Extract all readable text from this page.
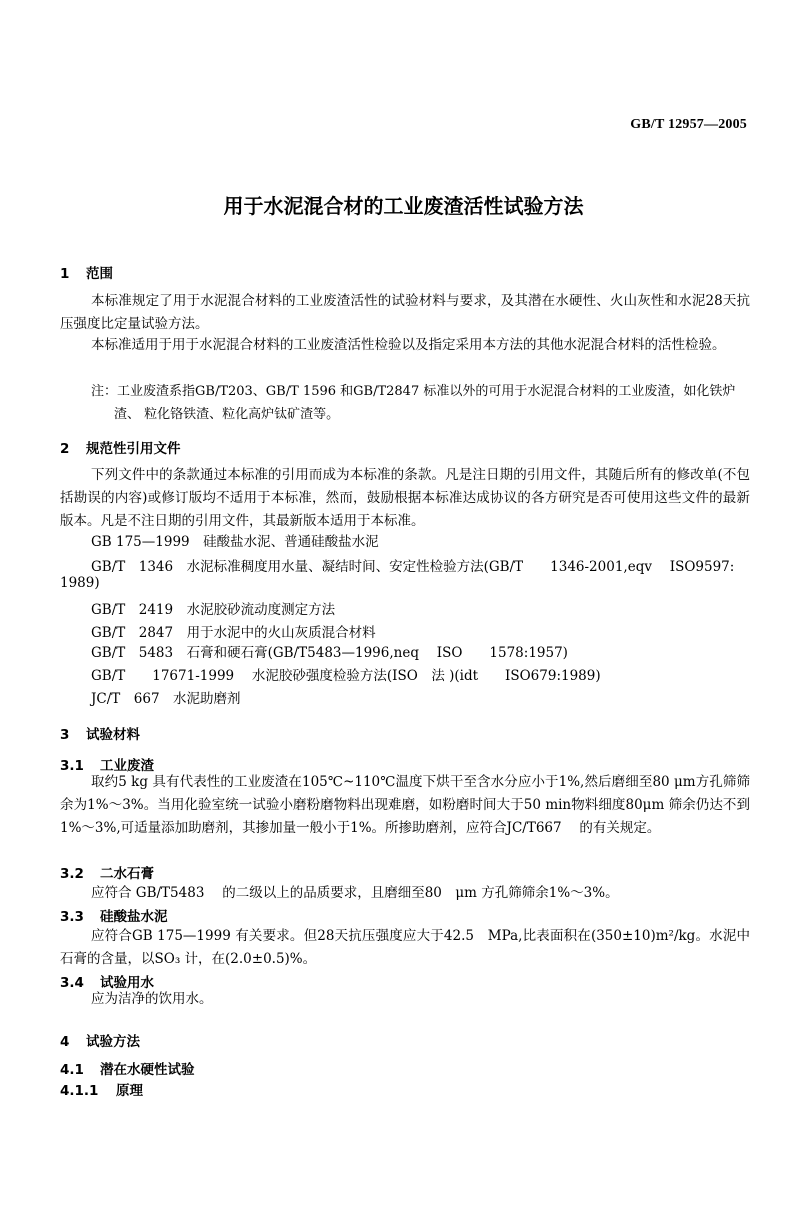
GB/T 12957—2005
用于水泥混合材的工业废渣活性试验方法
1 范围
本标准规定了用于水泥混合材料的工业废渣活性的试验材料与要求，及其潜在水硬性、火山灰性和水泥28天抗压强度比定量试验方法。
本标准适用于用于水泥混合材料的工业废渣活性检验以及指定采用本方法的其他水泥混合材料的活性检验。
注：工业废渣系指GB/T203、GB/T 1596 和GB/T2847 标准以外的可用于水泥混合材料的工业废渣，如化铁炉
渣、 粒化铬铁渣、粒化高炉钛矿渣等。
2 规范性引用文件
下列文件中的条款通过本标准的引用而成为本标准的条款。凡是注日期的引用文件，其随后所有的修改单(不包括勘误的内容)或修订版均不适用于本标准，然而，鼓励根据本标准达成协议的各方研究是否可使用这些文件的最新版本。凡是不注日期的引用文件，其最新版本适用于本标准。
GB 175—1999　硅酸盐水泥、普通硅酸盐水泥
GB/T　1346　水泥标准稠度用水量、凝结时间、安定性检验方法(GB/T　　1346-2001,eqv　 ISO9597:
1989)
GB/T　2419　水泥胶砂流动度测定方法
GB/T　2847　用于水泥中的火山灰质混合材料
GB/T　5483　石膏和硬石膏(GB/T5483—1996,neq　 ISO　　1578:1957)
GB/T　　17671-1999　 水泥胶砂强度检验方法(ISO　法 )(idt　　ISO679:1989)
JC/T　667　水泥助磨剂
3 试验材料
3.1 工业废渣
取约5 kg 具有代表性的工业废渣在105℃~110℃温度下烘干至含水分应小于1%,然后磨细至80 μm方孔筛筛余为1%～3%。当用化验室统一试验小磨粉磨物料出现难磨，如粉磨时间大于50 min物料细度80μm 筛余仍达不到1%～3%,可适量添加助磨剂，其掺加量一般小于1%。所掺助磨剂，应符合JC/T667　 的有关规定。
3.2 二水石膏
应符合 GB/T5483　 的二级以上的品质要求，且磨细至80　μm 方孔筛筛余1%～3%。
3.3 硅酸盐水泥
应符合GB 175—1999 有关要求。但28天抗压强度应大于42.5　MPa,比表面积在(350±10)m²/kg。水泥中石膏的含量，以SO₃ 计，在(2.0±0.5)%。
3.4 试验用水
应为洁净的饮用水。
4 试验方法
4.1 潜在水硬性试验
4.1.1 原理
